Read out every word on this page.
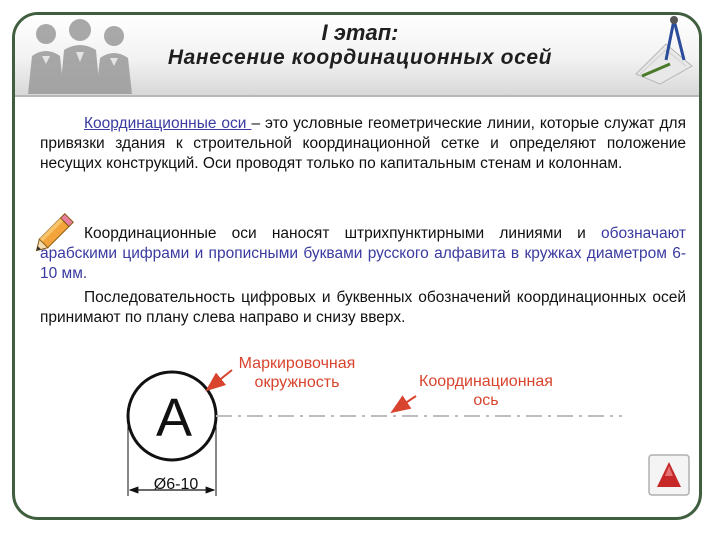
I этап:
Нанесение координационных осей

Координационные оси – это условные геометрические линии, которые служат для привязки здания к строительной координационной сетке и определяют положение несущих конструкций. Оси проводят только по капитальным стенам и колоннам.

Координационные оси наносят штрихпунктирными линиями и обозначают арабскими цифрами и прописными буквами русского алфавита в кружках диаметром 6-10 мм.

Последовательность цифровых и буквенных обозначений координационных осей принимают по плану слева направо и снизу вверх.

А
Маркировочная окружность	Координационная ось
Ø6-10
